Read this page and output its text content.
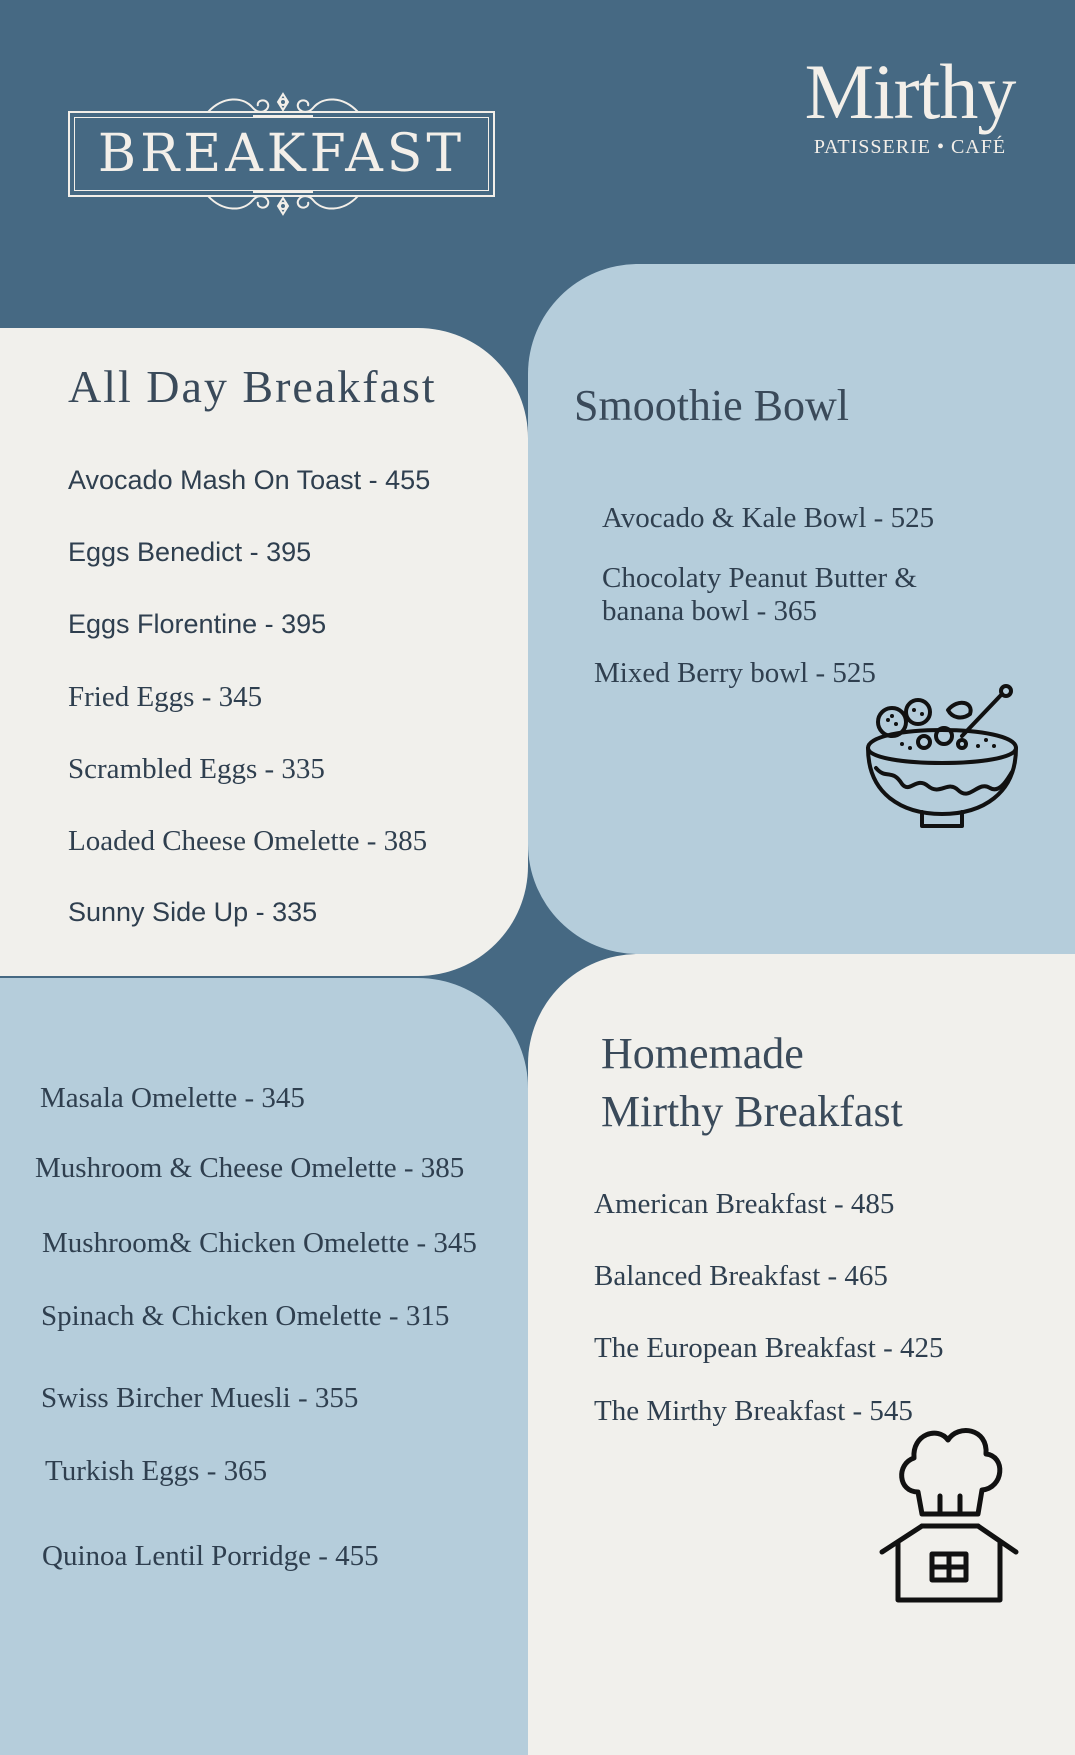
BREAKFAST
Mirthy
PATISSERIE • CAFÉ
All Day Breakfast

Avocado Mash On Toast - 455

Eggs Benedict - 395

Eggs Florentine - 395

Fried Eggs - 345

Scrambled Eggs - 335

Loaded Cheese Omelette - 385

Sunny Side Up - 335

Smoothie Bowl

Avocado & Kale Bowl - 525

Chocolaty Peanut Butter &

banana bowl - 365

Mixed Berry bowl - 525

Masala Omelette - 345

Mushroom & Cheese Omelette - 385

Mushroom& Chicken Omelette - 345

Spinach & Chicken Omelette - 315

Swiss Bircher Muesli - 355

Turkish Eggs - 365

Quinoa Lentil Porridge - 455

Homemade
Mirthy Breakfast

American Breakfast - 485

Balanced Breakfast - 465

The European Breakfast - 425

The Mirthy Breakfast - 545
